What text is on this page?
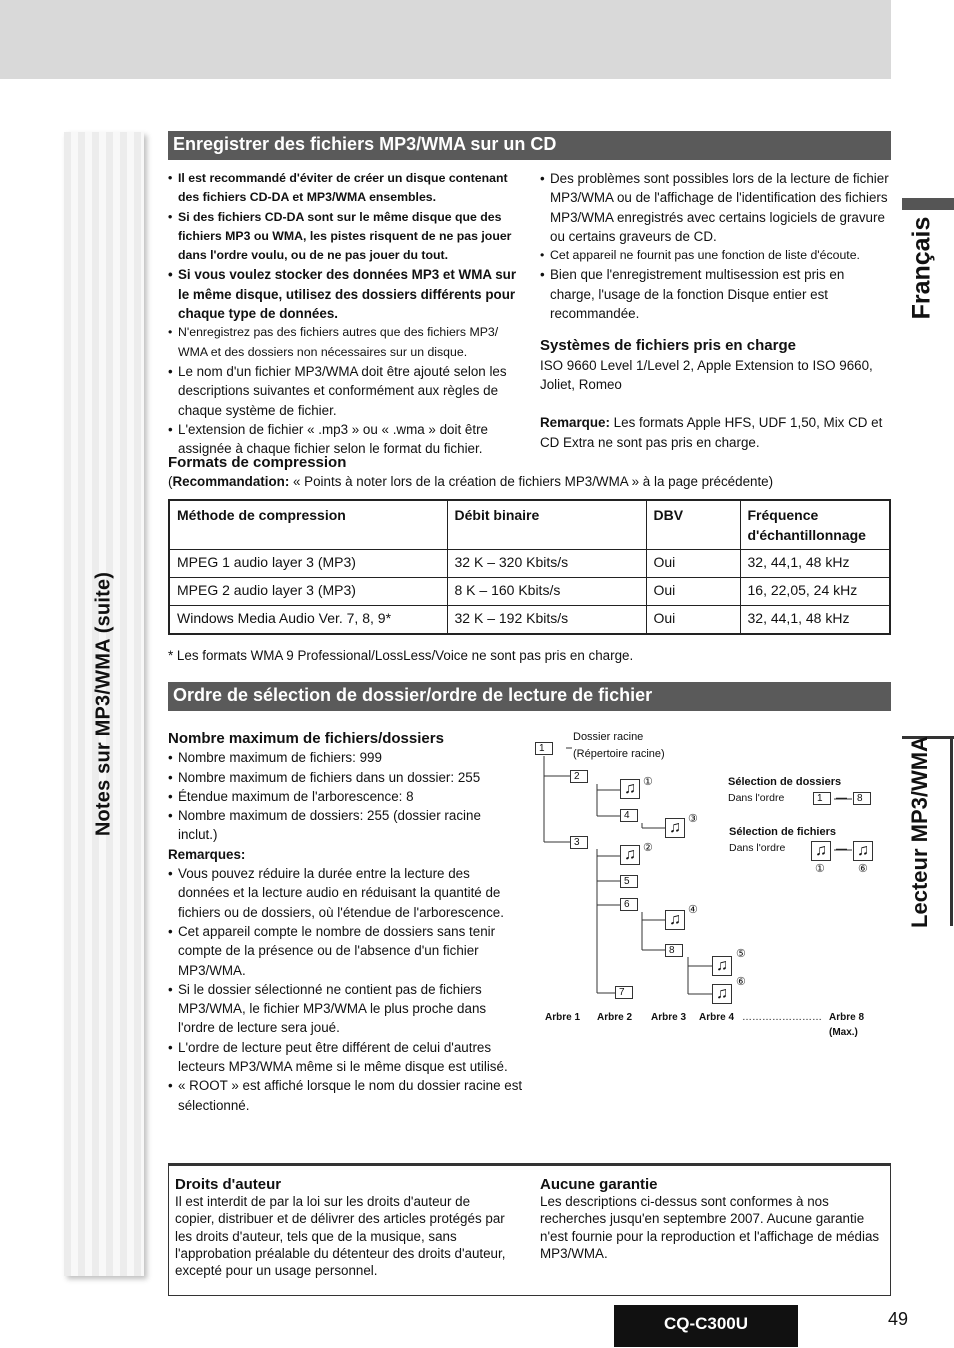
Notes sur MP3/WMA (suite)
Français
Lecteur MP3/WMA
Enregistrer des fichiers MP3/WMA sur un CD
• Il est recommandé d'éviter de créer un disque contenant des fichiers CD-DA et MP3/WMA ensembles.
• Si des fichiers CD-DA sont sur le même disque que des fichiers MP3 ou WMA, les pistes risquent de ne pas jouer dans l'ordre voulu, ou de ne pas jouer du tout.
• Si vous voulez stocker des données MP3 et WMA sur le même disque, utilisez des dossiers différents pour chaque type de données.
• N'enregistrez pas des fichiers autres que des fichiers MP3/ WMA et des dossiers non nécessaires sur un disque.
• Le nom d'un fichier MP3/WMA doit être ajouté selon les descriptions suivantes et conformément aux règles de chaque système de fichier.
• L'extension de fichier « .mp3 » ou « .wma » doit être assignée à chaque fichier selon le format du fichier.
• Des problèmes sont possibles lors de la lecture de fichier MP3/WMA ou de l'affichage de l'identification des fichiers MP3/WMA enregistrés avec certains logiciels de gravure ou certains graveurs de CD.
• Cet appareil ne fournit pas une fonction de liste d'écoute.
• Bien que l'enregistrement multisession est pris en charge, l'usage de la fonction Disque entier est recommandée.
Systèmes de fichiers pris en charge
ISO 9660 Level 1/Level 2, Apple Extension to ISO 9660, Joliet, Romeo
Remarque: Les formats Apple HFS, UDF 1,50, Mix CD et CD Extra ne sont pas pris en charge.
Formats de compression
(Recommandation: « Points à noter lors de la création de fichiers MP3/WMA » à la page précédente)
Méthode de compression	Débit binaire	DBV	Fréquence d'échantillonnage
MPEG 1 audio layer 3 (MP3)	32 K – 320 Kbits/s	Oui	32, 44,1, 48 kHz
MPEG 2 audio layer 3 (MP3)	8 K – 160 Kbits/s	Oui	16, 22,05, 24 kHz
Windows Media Audio Ver. 7, 8, 9*	32 K – 192 Kbits/s	Oui	32, 44,1, 48 kHz
* Les formats WMA 9 Professional/LossLess/Voice ne sont pas pris en charge.
Ordre de sélection de dossier/ordre de lecture de fichier
Nombre maximum de fichiers/dossiers
• Nombre maximum de fichiers: 999
• Nombre maximum de fichiers dans un dossier: 255
• Étendue maximum de l'arborescence: 8
• Nombre maximum de dossiers: 255 (dossier racine inclut.)
Remarques:
• Vous pouvez réduire la durée entre la lecture des données et la lecture audio en réduisant la quantité de fichiers ou de dossiers, où l'étendue de l'arborescence.
• Cet appareil compte le nombre de dossiers sans tenir compte de la présence ou de l'absence d'un fichier MP3/WMA.
• Si le dossier sélectionné ne contient pas de fichiers MP3/WMA, le fichier MP3/WMA le plus proche dans l'ordre de lecture sera joué.
• L'ordre de lecture peut être différent de celui d'autres lecteurs MP3/WMA même si le même disque est utilisé.
• « ROOT » est affiché lorsque le nom du dossier racine est sélectionné.
1
Dossier racine
(Répertoire racine)
2
3
4
5
6
7
8
♫ ①
♫ ②
♫ ③
♫
④
♫
⑤
♫
⑥
Sélection de dossiers
Dans l'ordre	1	8
Sélection de fichiers
Dans l'ordre ♫ ♫
①	⑥
Arbre 1 Arbre 2 Arbre 3 Arbre 4 …………………… Arbre 8
(Max.)
Droits d'auteur
Il est interdit de par la loi sur les droits d'auteur de copier, distribuer et de délivrer des articles protégés par les droits d'auteur, tels que de la musique, sans l'approbation préalable du détenteur des droits d'auteur, excepté pour un usage personnel.
Aucune garantie
Les descriptions ci-dessus sont conformes à nos recherches jusqu'en septembre 2007. Aucune garantie n'est fournie pour la reproduction et l'affichage de médias MP3/WMA.
CQ-C300U	49
—
—
